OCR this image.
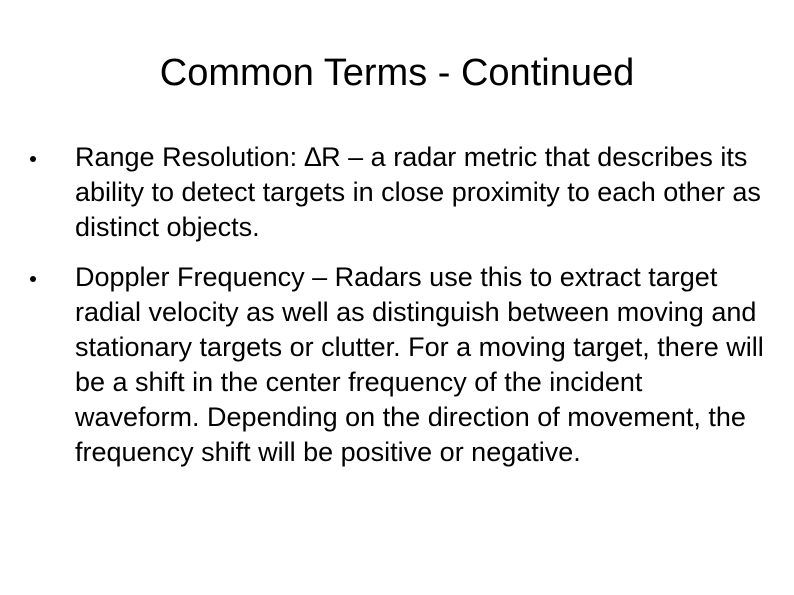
Common Terms - Continued
Range Resolution: ∆R – a radar metric that describes its ability to detect targets in close proximity to each other as distinct objects.
Doppler Frequency – Radars use this to extract target radial velocity as well as distinguish between moving and stationary targets or clutter. For a moving target, there will be a shift in the center frequency of the incident waveform. Depending on the direction of movement, the frequency shift will be positive or negative.
